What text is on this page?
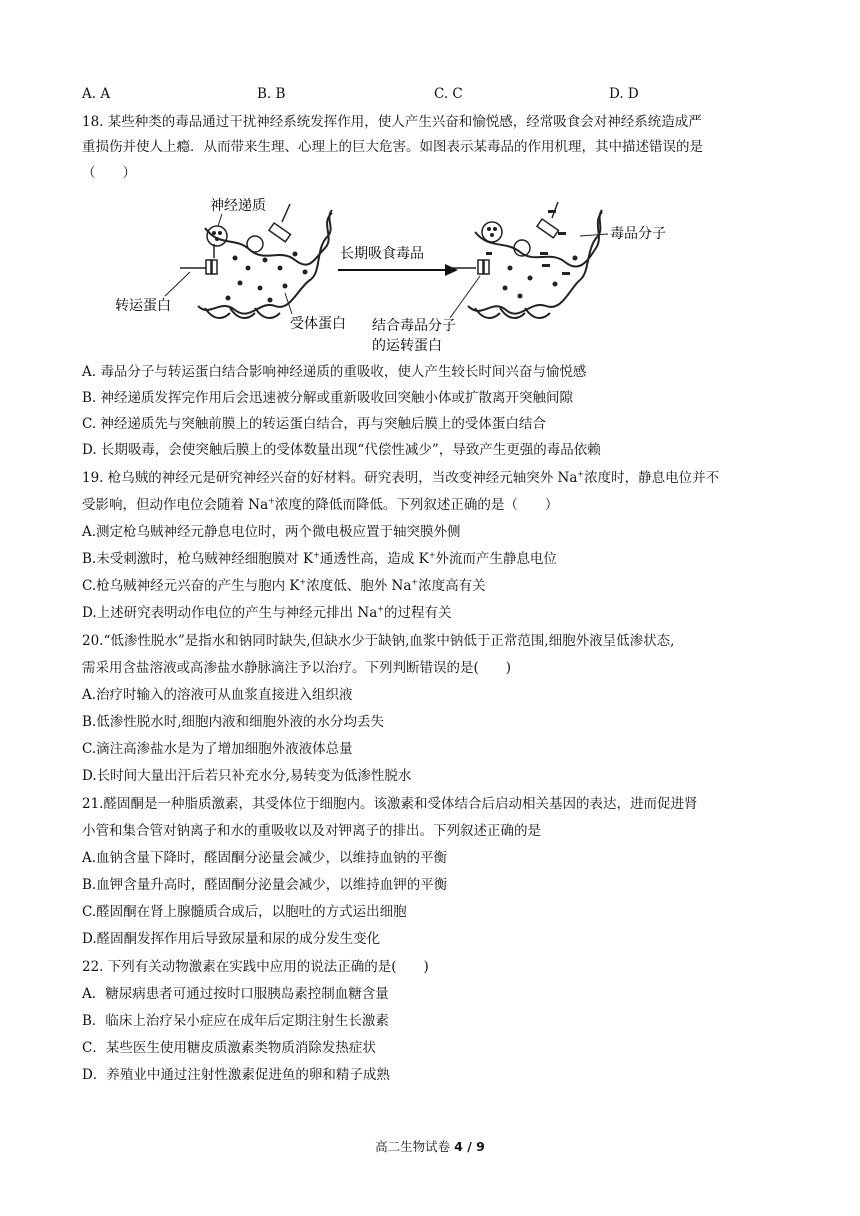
A. A	B. B	C. C	D. D
18. 某些种类的毒品通过干扰神经系统发挥作用，使人产生兴奋和愉悦感，经常吸食会对神经系统造成严
重损伤并使人上瘾．从而带来生理、心理上的巨大危害。如图表示某毒品的作用机理，其中描述错误的是
（　　）
神经递质
转运蛋白
受体蛋白
长期吸食毒品
毒品分子
结合毒品分子
的运转蛋白
A. 毒品分子与转运蛋白结合影响神经递质的重吸收，使人产生较长时间兴奋与愉悦感
B. 神经递质发挥完作用后会迅速被分解或重新吸收回突触小体或扩散离开突触间隙
C. 神经递质先与突触前膜上的转运蛋白结合，再与突触后膜上的受体蛋白结合
D. 长期吸毒，会使突触后膜上的受体数量出现“代偿性减少”，导致产生更强的毒品依赖
19. 枪乌贼的神经元是研究神经兴奋的好材料。研究表明，当改变神经元轴突外 Na+浓度时，静息电位并不
受影响，但动作电位会随着 Na+浓度的降低而降低。下列叙述正确的是（　　）
A.测定枪乌贼神经元静息电位时，两个微电极应置于轴突膜外侧
B.未受刺激时，枪乌贼神经细胞膜对 K+通透性高，造成 K+外流而产生静息电位
C.枪乌贼神经元兴奋的产生与胞内 K+浓度低、胞外 Na+浓度高有关
D.上述研究表明动作电位的产生与神经元排出 Na+的过程有关
20.“低渗性脱水”是指水和钠同时缺失,但缺水少于缺钠,血浆中钠低于正常范围,细胞外液呈低渗状态,
需采用含盐溶液或高渗盐水静脉滴注予以治疗。下列判断错误的是(　　)
A.治疗时输入的溶液可从血浆直接进入组织液
B.低渗性脱水时,细胞内液和细胞外液的水分均丢失
C.滴注高渗盐水是为了增加细胞外液液体总量
D.长时间大量出汗后若只补充水分,易转变为低渗性脱水
21.醛固酮是一种脂质激素，其受体位于细胞内。该激素和受体结合后启动相关基因的表达，进而促进肾
小管和集合管对钠离子和水的重吸收以及对钾离子的排出。下列叙述正确的是
A.血钠含量下降时，醛固酮分泌量会减少，以维持血钠的平衡
B.血钾含量升高时，醛固酮分泌量会减少，以维持血钾的平衡
C.醛固酮在肾上腺髓质合成后，以胞吐的方式运出细胞
D.醛固酮发挥作用后导致尿量和尿的成分发生变化
22. 下列有关动物激素在实践中应用的说法正确的是(　　)
A．糖尿病患者可通过按时口服胰岛素控制血糖含量
B．临床上治疗呆小症应在成年后定期注射生长激素
C．某些医生使用糖皮质激素类物质消除发热症状
D．养殖业中通过注射性激素促进鱼的卵和精子成熟
高二生物试卷 4 / 9
